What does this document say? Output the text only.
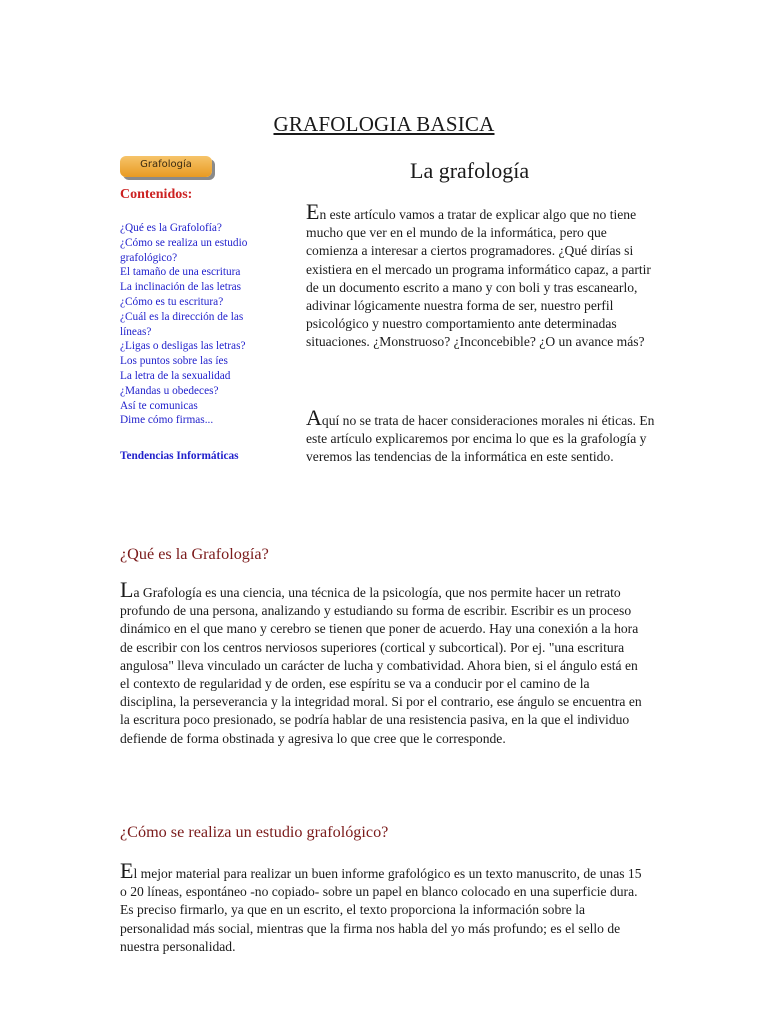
GRAFOLOGIA BASICA
Grafología
Contenidos:
¿Qué es la Grafolofía?
¿Cómo se realiza un estudio grafológico?
El tamaño de una escritura
La inclinación de las letras
¿Cómo es tu escritura?
¿Cuál es la dirección de las líneas?
¿Ligas o desligas las letras?
Los puntos sobre las íes
La letra de la sexualidad
¿Mandas u obedeces?
Así te comunicas
Dime cómo firmas...
Tendencias Informáticas
La grafología

En este artículo vamos a tratar de explicar algo que no tiene mucho que ver en el mundo de la informática, pero que comienza a interesar a ciertos programadores. ¿Qué dirías si existiera en el mercado un programa informático capaz, a partir de un documento escrito a mano y con boli y tras escanearlo, adivinar lógicamente nuestra forma de ser, nuestro perfil psicológico y nuestro comportamiento ante determinadas situaciones. ¿Monstruoso? ¿Inconcebible? ¿O un avance más?

Aquí no se trata de hacer consideraciones morales ni éticas. En este artículo explicaremos por encima lo que es la grafología y veremos las tendencias de la informática en este sentido.

¿Qué es la Grafología?

La Grafología es una ciencia, una técnica de la psicología, que nos permite hacer un retrato profundo de una persona, analizando y estudiando su forma de escribir. Escribir es un proceso dinámico en el que mano y cerebro se tienen que poner de acuerdo. Hay una conexión a la hora de escribir con los centros nerviosos superiores (cortical y subcortical). Por ej. "una escritura angulosa" lleva vinculado un carácter de lucha y combatividad. Ahora bien, si el ángulo está en el contexto de regularidad y de orden, ese espíritu se va a conducir por el camino de la disciplina, la perseverancia y la integridad moral. Si por el contrario, ese ángulo se encuentra en la escritura poco presionado, se podría hablar de una resistencia pasiva, en la que el individuo defiende de forma obstinada y agresiva lo que cree que le corresponde.

¿Cómo se realiza un estudio grafológico?

El mejor material para realizar un buen informe grafológico es un texto manuscrito, de unas 15 o 20 líneas, espontáneo -no copiado- sobre un papel en blanco colocado en una superficie dura. Es preciso firmarlo, ya que en un escrito, el texto proporciona la información sobre la personalidad más social, mientras que la firma nos habla del yo más profundo; es el sello de nuestra personalidad.
